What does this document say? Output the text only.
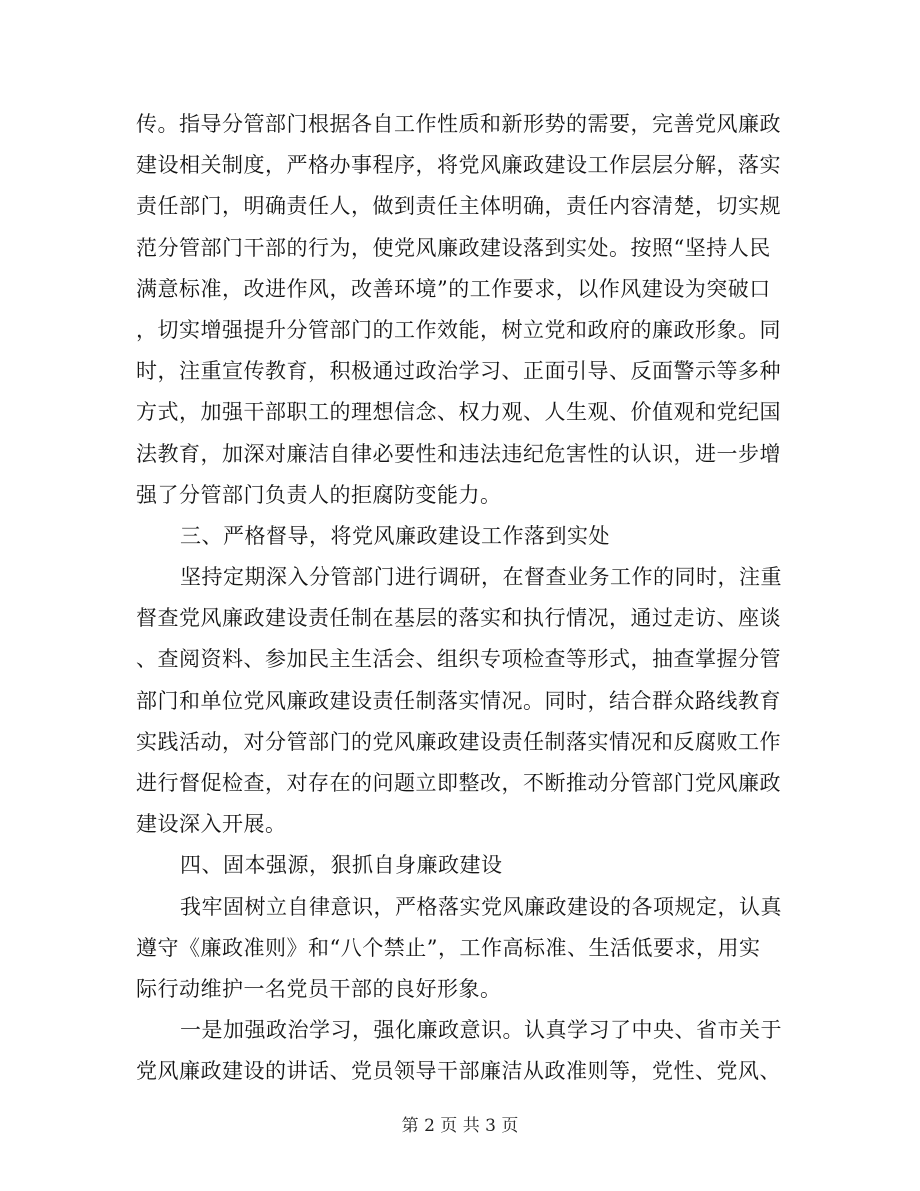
传。指导分管部门根据各自工作性质和新形势的需要，完善党风廉政
建设相关制度，严格办事程序，将党风廉政建设工作层层分解，落实
责任部门，明确责任人，做到责任主体明确，责任内容清楚，切实规
范分管部门干部的行为，使党风廉政建设落到实处。按照“坚持人民
满意标准，改进作风，改善环境”的工作要求，以作风建设为突破口
，切实增强提升分管部门的工作效能，树立党和政府的廉政形象。同
时，注重宣传教育，积极通过政治学习、正面引导、反面警示等多种
方式，加强干部职工的理想信念、权力观、人生观、价值观和党纪国
法教育，加深对廉洁自律必要性和违法违纪危害性的认识，进一步增
强了分管部门负责人的拒腐防变能力。
三、严格督导，将党风廉政建设工作落到实处
坚持定期深入分管部门进行调研，在督查业务工作的同时，注重
督查党风廉政建设责任制在基层的落实和执行情况，通过走访、座谈
、查阅资料、参加民主生活会、组织专项检查等形式，抽查掌握分管
部门和单位党风廉政建设责任制落实情况。同时，结合群众路线教育
实践活动，对分管部门的党风廉政建设责任制落实情况和反腐败工作
进行督促检查，对存在的问题立即整改，不断推动分管部门党风廉政
建设深入开展。
四、固本强源，狠抓自身廉政建设
我牢固树立自律意识，严格落实党风廉政建设的各项规定，认真
遵守《廉政准则》和“八个禁止”，工作高标准、生活低要求，用实
际行动维护一名党员干部的良好形象。
一是加强政治学习，强化廉政意识。认真学习了中央、省市关于
党风廉政建设的讲话、党员领导干部廉洁从政准则等，党性、党风、
第 2 页 共 3 页
